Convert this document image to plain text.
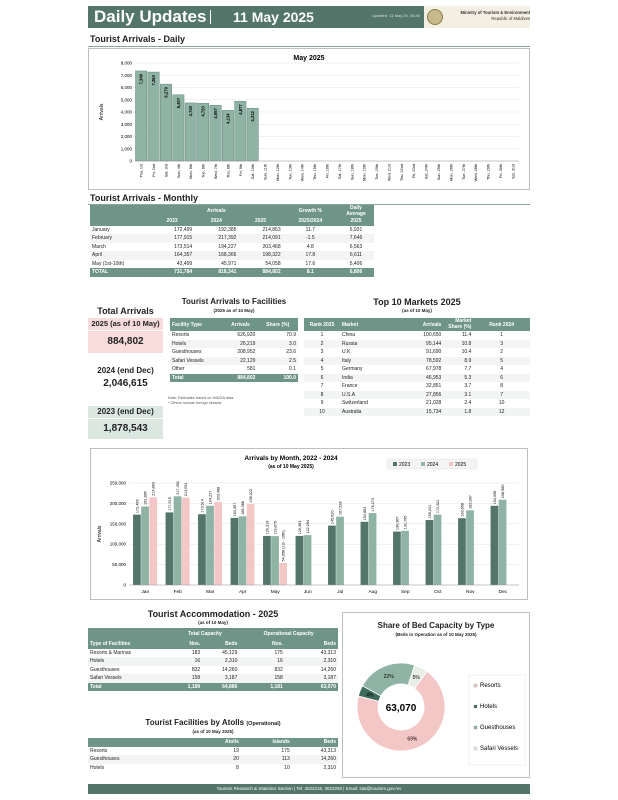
Daily Updates 11 May 2025	Updated: 11 May 25, 08:40
Ministry of Tourism & Environment
Republic of Maldives
Tourist Arrivals - Daily
May 2025
Arrivals
0
1,000
2,000
3,000
4,000
5,000
6,000
7,000
8,000
7,349
Thu, 1st
7,263
Fri, 2nd
6,279
Sat, 3rd
5,407
Sun, 4th
4,740
Mon, 5th
4,720
Tue, 6th
4,557
Wed, 7th
4,134
Thu, 8th
4,877
Fri, 9th
4,312
Sat, 10th Sun, 11th Mon, 12th Tue, 13th Wed, 14th Thu, 15th Fri, 16th Sat, 17th Sun, 18th Mon, 19th Tue, 20th Wed, 21st Thu, 22nd Fri, 23rd Sat, 24th Sun, 25th Mon, 26th Tue, 27th Wed, 28th Thu, 29th Fri, 30th Sat, 31st
Tourist Arrivals - Monthly
	Arrivals			Growth %	Daily Average
	2023	2024	2025	2025/2024	2025
January	172,499	192,385	214,863	11.7	6,931
February	177,915	217,392	214,091	-1.5	7,646
March	173,514	194,227	203,468	4.8	6,563
April	164,357	168,366	198,322	17.8	6,611
May (1st-10th)	43,499	45,971	54,058	17.6	5,406
TOTAL	731,784	818,341	884,802	8.1	6,806
Total Arrivals
2025 (as of 10 May)
884,802
2024 (end Dec)
2,046,615
2023 (end Dec)
1,878,543
Tourist Arrivals to Facilities
(2025 as of 10 May)
Facility Type	Arrivals	Share (%)
Resorts	626,920	70.9
Hotels	26,219	3.0
Guesthouses	208,952	23.6
Safari Vessels	22,129	2.5
Other	581	0.1
Total	884,802	100.0
Note: Estimates based on IMUGA data
* Others include foreign vessels
Top 10 Markets 2025
(as of 10 May)
Rank 2025	Market	Arrivals	Market Share (%)	Rank 2024
1	China	100,650	11.4	1
2	Russia	95,144	10.8	3
3	U.K	91,690	10.4	2
4	Italy	78,592	8.9	5
5	Germany	67,978	7.7	4
6	India	46,953	5.3	6
7	France	32,851	3.7	8
8	U.S.A	27,856	3.1	7
9	Switzerland	21,028	2.4	10
10	Australia	15,734	1.8	12
Arrivals by Month, 2022 - 2024
(as of 10 May 2025)	2023	2024	2025
Arrivals
0
50,000
100,000
150,000
200,000
250,000
172,499
192,385
214,863
Jan
177,915
217,392 214,091
Feb
173,514
194,227 203,468
Mar
164,357 168,366
198,322
Apr
120,319 119,875
54,058 (1st - 10th)
May
120,363 122,284
Jun
145,620
167,528
Jul
154,854
176,273
Aug
130,967 132,795
Sep
159,241 172,621
Oct
163,658
182,987
Nov
194,096 208,980
Dec
Tourist Accommodation - 2025
(as of 10 May)
	Total Capacity		Operational Capacity	
Type of Facilities	Nos.	Beds	Nos.	Beds
Resorts & Marinas	183	45,129	175	43,313
Hotels	16	2,310	16	2,310
Guesthouses	832	14,260	832	14,260
Safari Vessels	158	3,187	158	3,187
Total	1,189	64,886	1,181	63,070
Tourist Facilities by Atolls (Operational)
(as of 10 May 2025)
	Atolls	Islands	Beds
Resorts	19	175	43,313
Guesthouses	20	113	14,260
Hotels	8	10	2,310
Share of Bed Capacity by Type
(Beds in Operation as of 10 May 2025)
69%
4%
22%	5%
63,070
Resorts
Hotels
Guesthouses
Safari Vessels
Tourism Research & Statistics Section | Tel: 3022216, 3022250 | Email: stat@tourism.gov.mv
